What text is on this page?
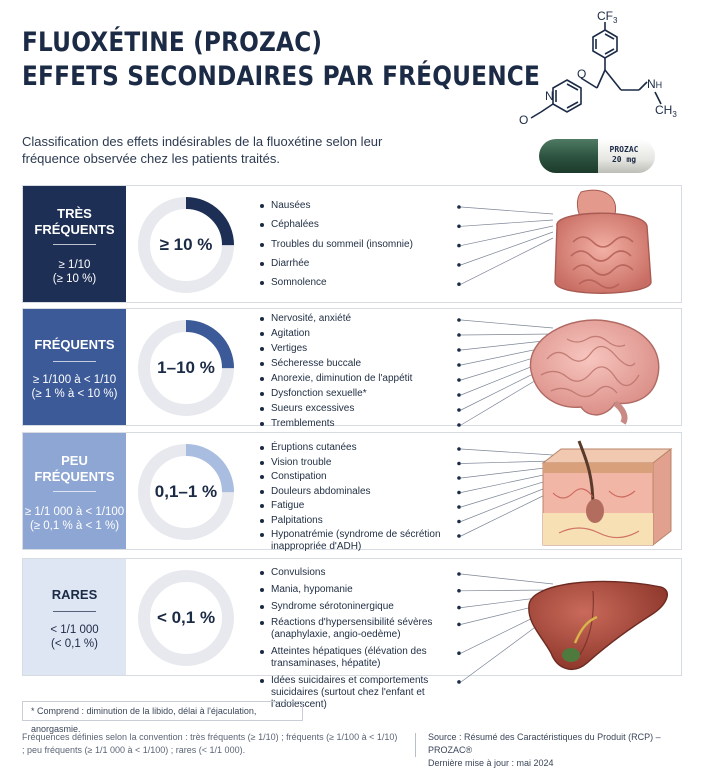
FLUOXÉTINE (PROZAC)
EFFETS SECONDAIRES PAR FRÉQUENCE
$CF_3$
N
O
NH
$CH_3$
O
PROZAC
20 mg
Classification des effets indésirables de la fluoxétine selon leur fréquence observée chez les patients traités.
TRÈS
FRÉQUENTS
≥ 1/10
(≥ 10 %)
≥ 10 %
Nausées
Céphalées
Troubles du sommeil (insomnie)
Diarrhée
Somnolence
FRÉQUENTS
≥ 1/100 à < 1/10
(≥ 1 % à < 10 %)
1–10 %
Nervosité, anxiété
Agitation
Vertiges
Sécheresse buccale
Anorexie, diminution de l'appétit
Dysfonction sexuelle*
Sueurs excessives
Tremblements
PEU
FRÉQUENTS
≥ 1/1 000 à < 1/100
(≥ 0,1 % à < 1 %)
0,1–1 %
Éruptions cutanées
Vision trouble
Constipation
Douleurs abdominales
Fatigue
Palpitations
Hyponatrémie (syndrome de sécrétion inappropriée d'ADH)
RARES
< 1/1 000
(< 0,1 %)
< 0,1 %
Convulsions
Mania, hypomanie
Syndrome sérotoninergique
Réactions d'hypersensibilité sévères (anaphylaxie, angio-oedème)
Atteintes hépatiques (élévation des transaminases, hépatite)
Idées suicidaires et comportements suicidaires (surtout chez l'enfant et l'adolescent)
* Comprend : diminution de la libido, délai à l'éjaculation, anorgasmie.
Fréquences définies selon la convention : très fréquents (≥ 1/10) ; fréquents (≥ 1/100 à < 1/10) ; peu fréquents (≥ 1/1 000 à < 1/100) ; rares (< 1/1 000).
Source : Résumé des Caractéristiques du Produit (RCP) – PROZAC®
Dernière mise à jour : mai 2024
